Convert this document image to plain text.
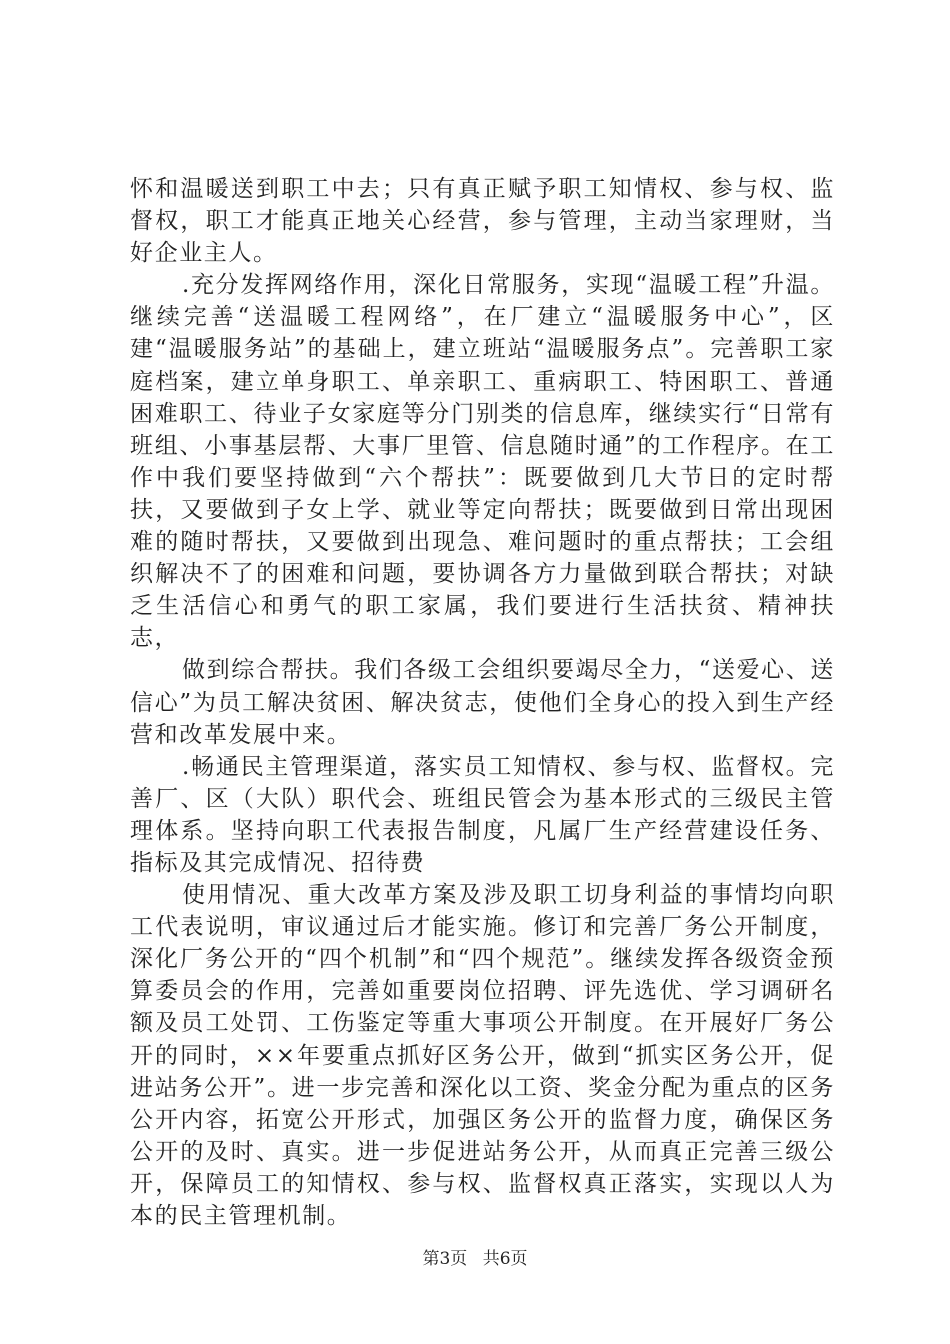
怀和温暖送到职工中去；只有真正赋予职工知情权、参与权、监督权，职工才能真正地关心经营，参与管理，主动当家理财，当好企业主人。

.充分发挥网络作用，深化日常服务，实现“温暖工程”升温。继续完善“送温暖工程网络”，在厂建立“温暖服务中心”，区建“温暖服务站”的基础上，建立班站“温暖服务点”。完善职工家庭档案，建立单身职工、单亲职工、重病职工、特困职工、普通困难职工、待业子女家庭等分门别类的信息库，继续实行“日常有班组、小事基层帮、大事厂里管、信息随时通”的工作程序。在工作中我们要坚持做到“六个帮扶”：既要做到几大节日的定时帮扶，又要做到子女上学、就业等定向帮扶；既要做到日常出现困难的随时帮扶，又要做到出现急、难问题时的重点帮扶；工会组织解决不了的困难和问题，要协调各方力量做到联合帮扶；对缺乏生活信心和勇气的职工家属，我们要进行生活扶贫、精神扶志，

做到综合帮扶。我们各级工会组织要竭尽全力，“送爱心、送信心”为员工解决贫困、解决贫志，使他们全身心的投入到生产经营和改革发展中来。

.畅通民主管理渠道，落实员工知情权、参与权、监督权。完善厂、区（大队）职代会、班组民管会为基本形式的三级民主管理体系。坚持向职工代表报告制度，凡属厂生产经营建设任务、指标及其完成情况、招待费

使用情况、重大改革方案及涉及职工切身利益的事情均向职工代表说明，审议通过后才能实施。修订和完善厂务公开制度，深化厂务公开的“四个机制”和“四个规范”。继续发挥各级资金预算委员会的作用，完善如重要岗位招聘、评先选优、学习调研名额及员工处罚、工伤鉴定等重大事项公开制度。在开展好厂务公开的同时，××年要重点抓好区务公开，做到“抓实区务公开，促进站务公开”。进一步完善和深化以工资、奖金分配为重点的区务公开内容，拓宽公开形式，加强区务公开的监督力度，确保区务公开的及时、真实。进一步促进站务公开，从而真正完善三级公开，保障员工的知情权、参与权、监督权真正落实，实现以人为本的民主管理机制。

第3页 共6页
